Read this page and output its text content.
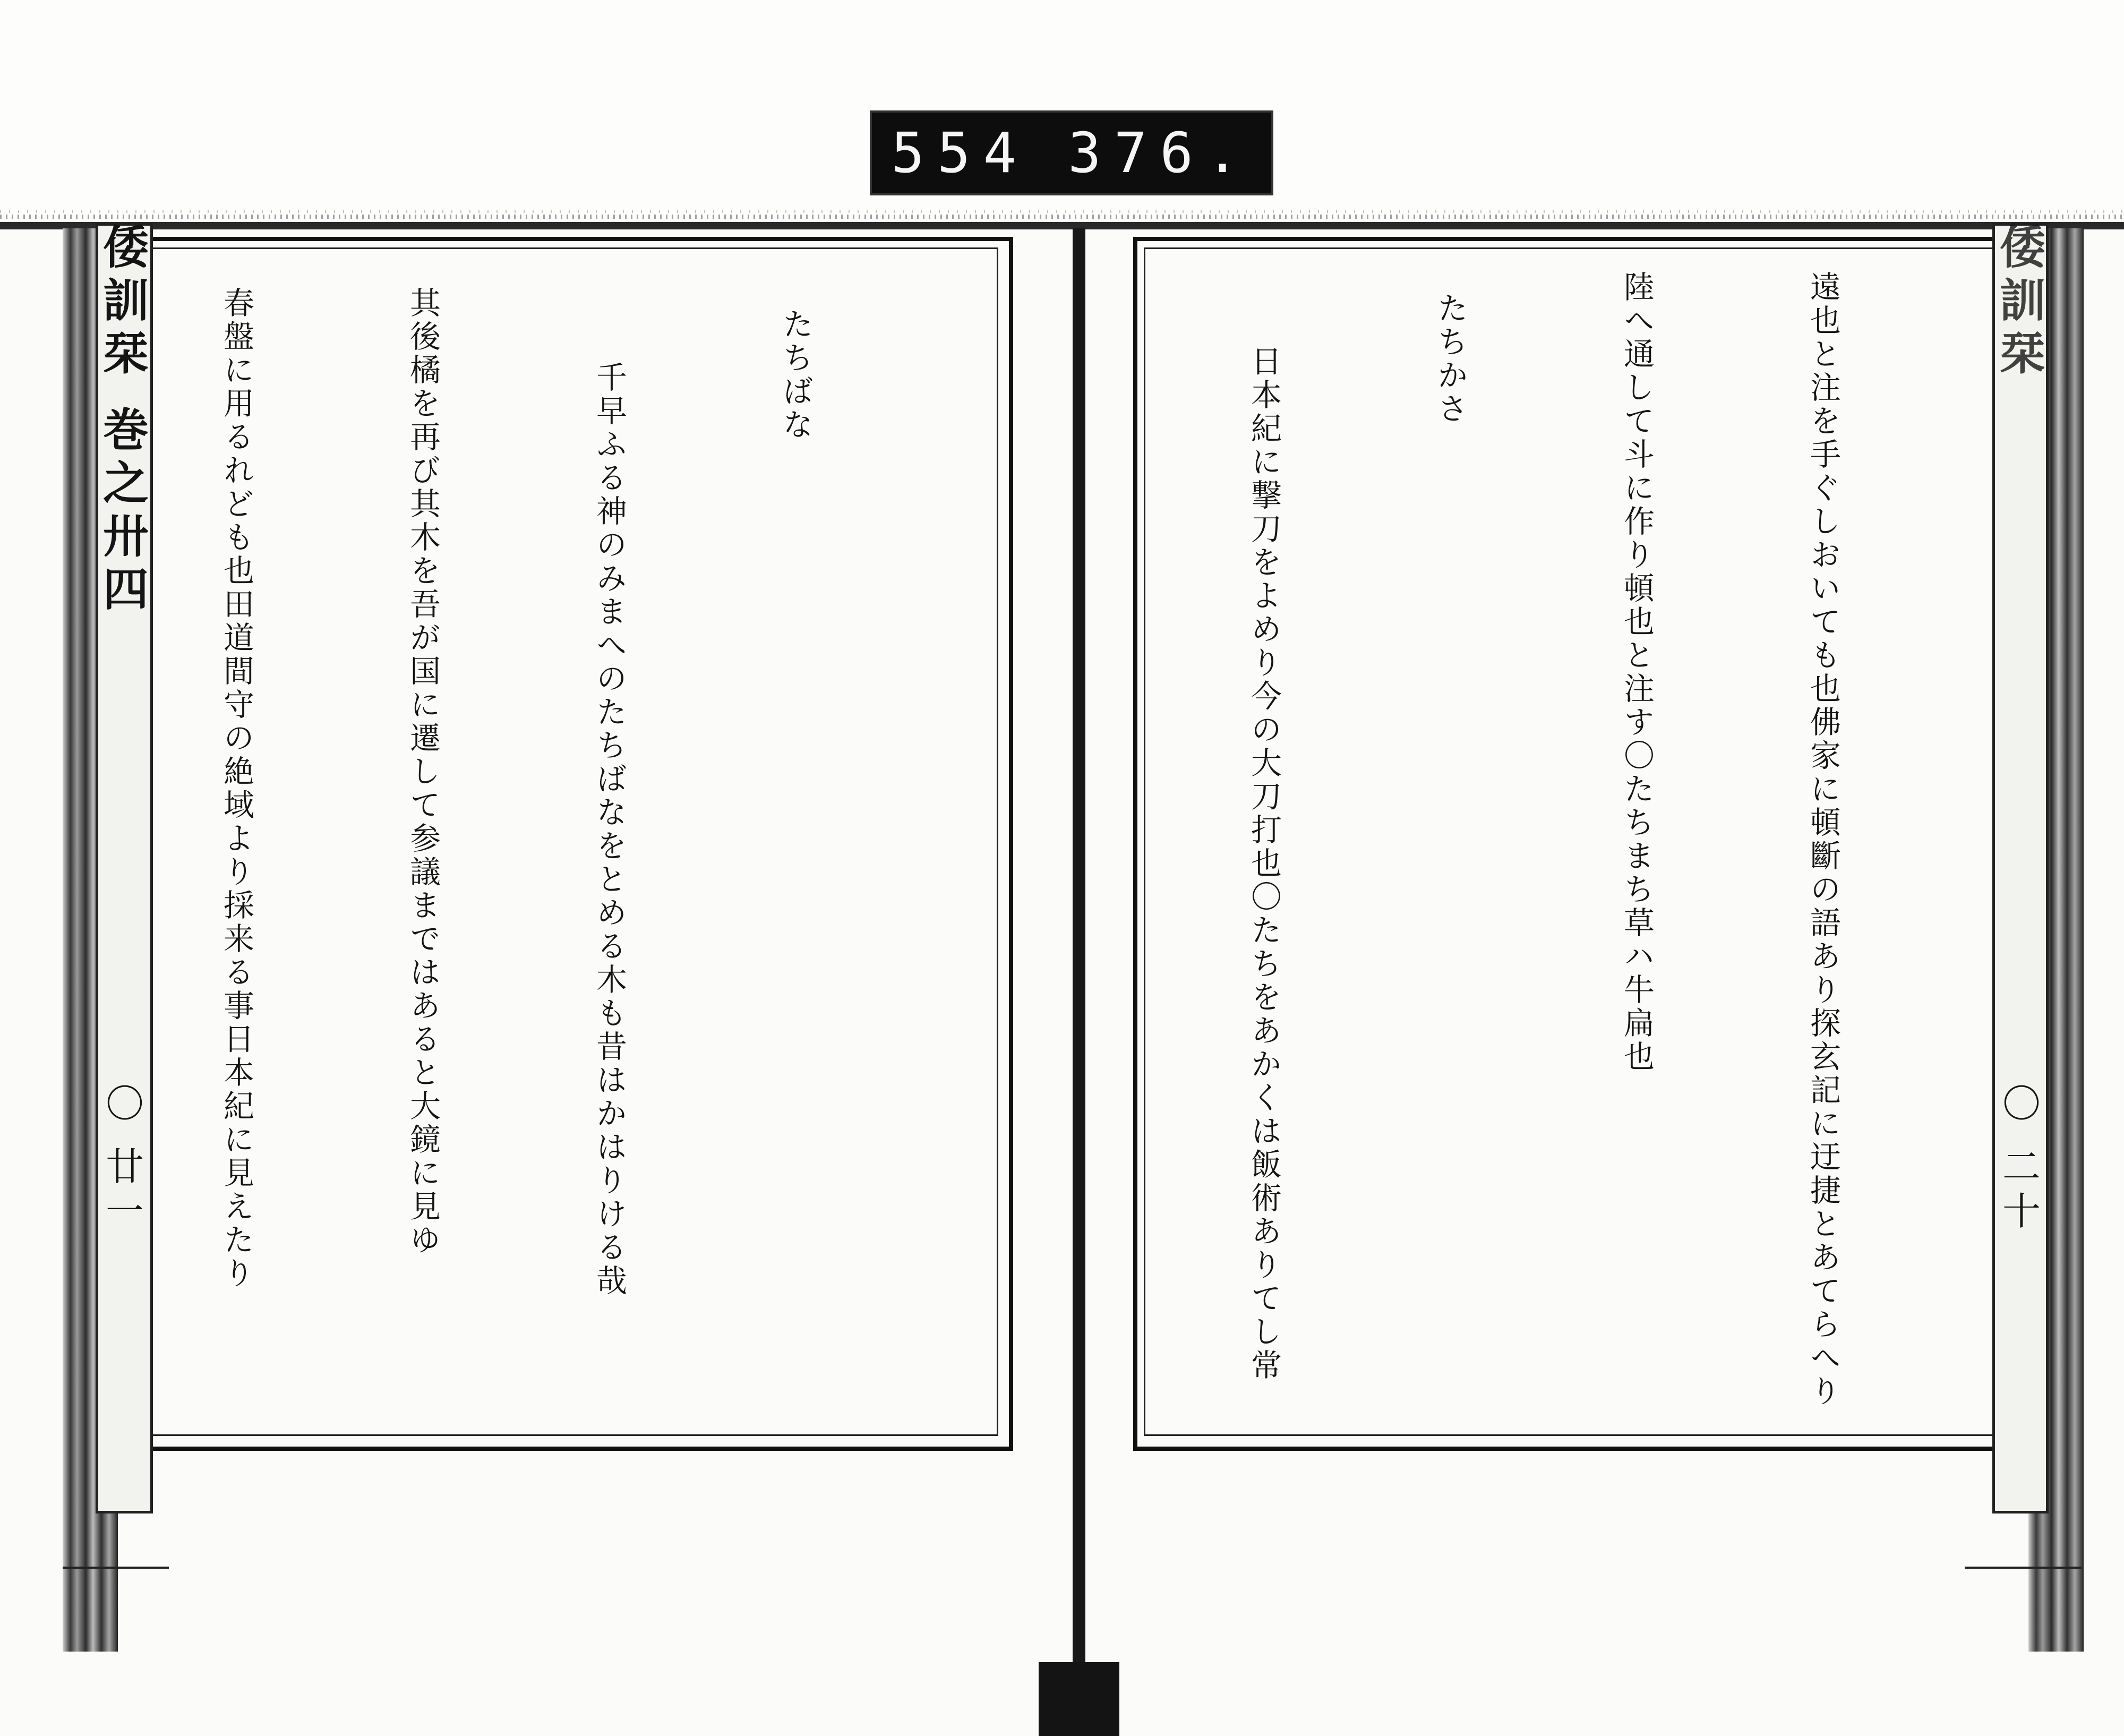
554 376.
倭訓栞 巻之卅四
〇 廿一

たちばな

千早ふる神のみまへのたちばなをとめる木も昔はかはりける哉

其後橘を再び其木を吾が国に遷して参議まではあると大鏡に見ゆ

春盤に用るれども也田道間守の絶域より採来る事日本紀に見えたり

	倭訓栞
〇 二十

遠也と注を手ぐしおいても也佛家に頓斷の語あり探玄記に迂捷とあてらへり

陸へ通して斗に作り頓也と注す〇たちまち草ハ牛扁也

たちかさ

日本紀に撃刀をよめり今の大刀打也〇たちをあかくは飯術ありてし常
